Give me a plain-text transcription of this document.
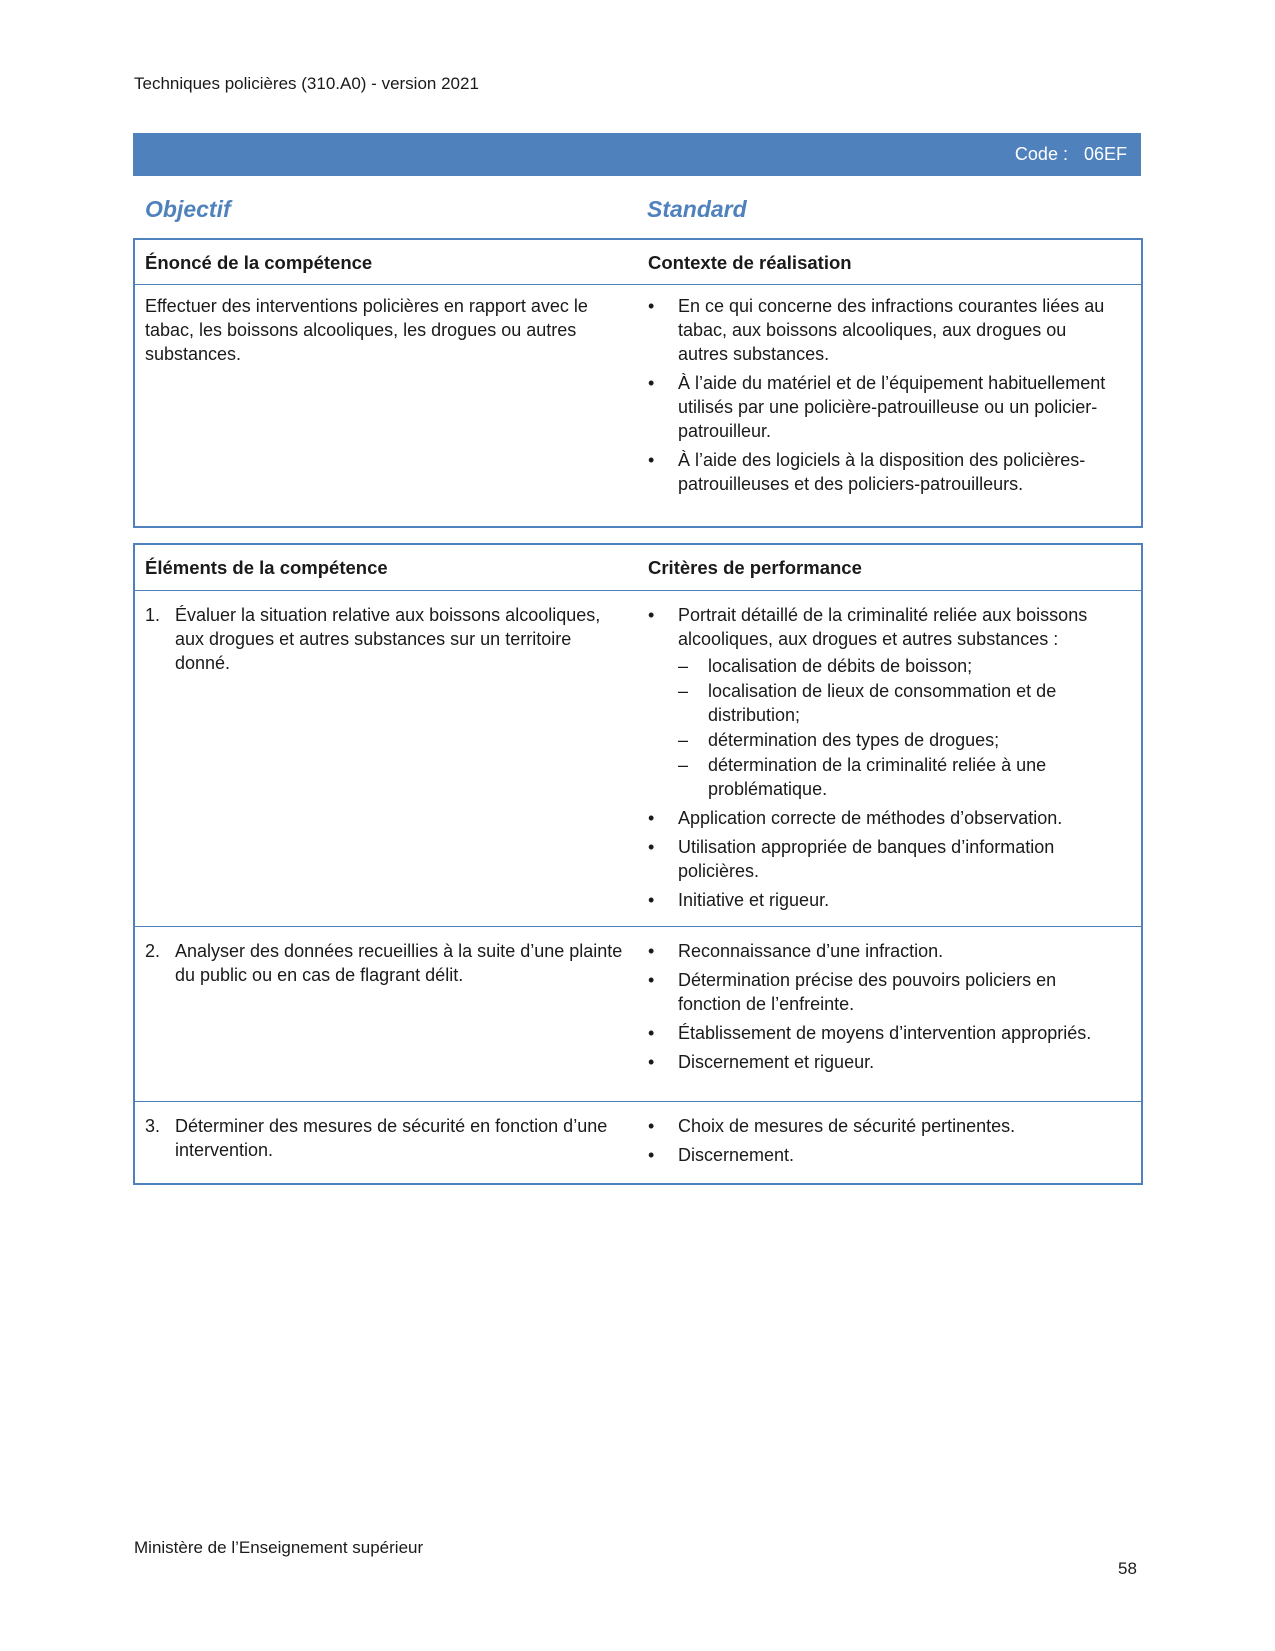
Techniques policières (310.A0) - version 2021
Code : 06EF
Objectif	Standard
Énoncé de la compétence	Contexte de réalisation
Effectuer des interventions policières en rapport avec le tabac, les boissons alcooliques, les drogues ou autres substances.
• En ce qui concerne des infractions courantes liées au tabac, aux boissons alcooliques, aux drogues ou autres substances.
• À l’aide du matériel et de l’équipement habituellement utilisés par une policière-patrouilleuse ou un policier-patrouilleur.
• À l’aide des logiciels à la disposition des policières-patrouilleuses et des policiers-patrouilleurs.
Éléments de la compétence	Critères de performance
1. Évaluer la situation relative aux boissons alcooliques, aux drogues et autres substances sur un territoire donné.
• Portrait détaillé de la criminalité reliée aux boissons alcooliques, aux drogues et autres substances :
– localisation de débits de boisson;
– localisation de lieux de consommation et de distribution;
– détermination des types de drogues;
– détermination de la criminalité reliée à une problématique.
• Application correcte de méthodes d’observation.
• Utilisation appropriée de banques d’information policières.
• Initiative et rigueur.
2. Analyser des données recueillies à la suite d’une plainte du public ou en cas de flagrant délit.
• Reconnaissance d’une infraction.
• Détermination précise des pouvoirs policiers en fonction de l’enfreinte.
• Établissement de moyens d’intervention appropriés.
• Discernement et rigueur.
3. Déterminer des mesures de sécurité en fonction d’une intervention.
• Choix de mesures de sécurité pertinentes.
• Discernement.
Ministère de l’Enseignement supérieur
58
